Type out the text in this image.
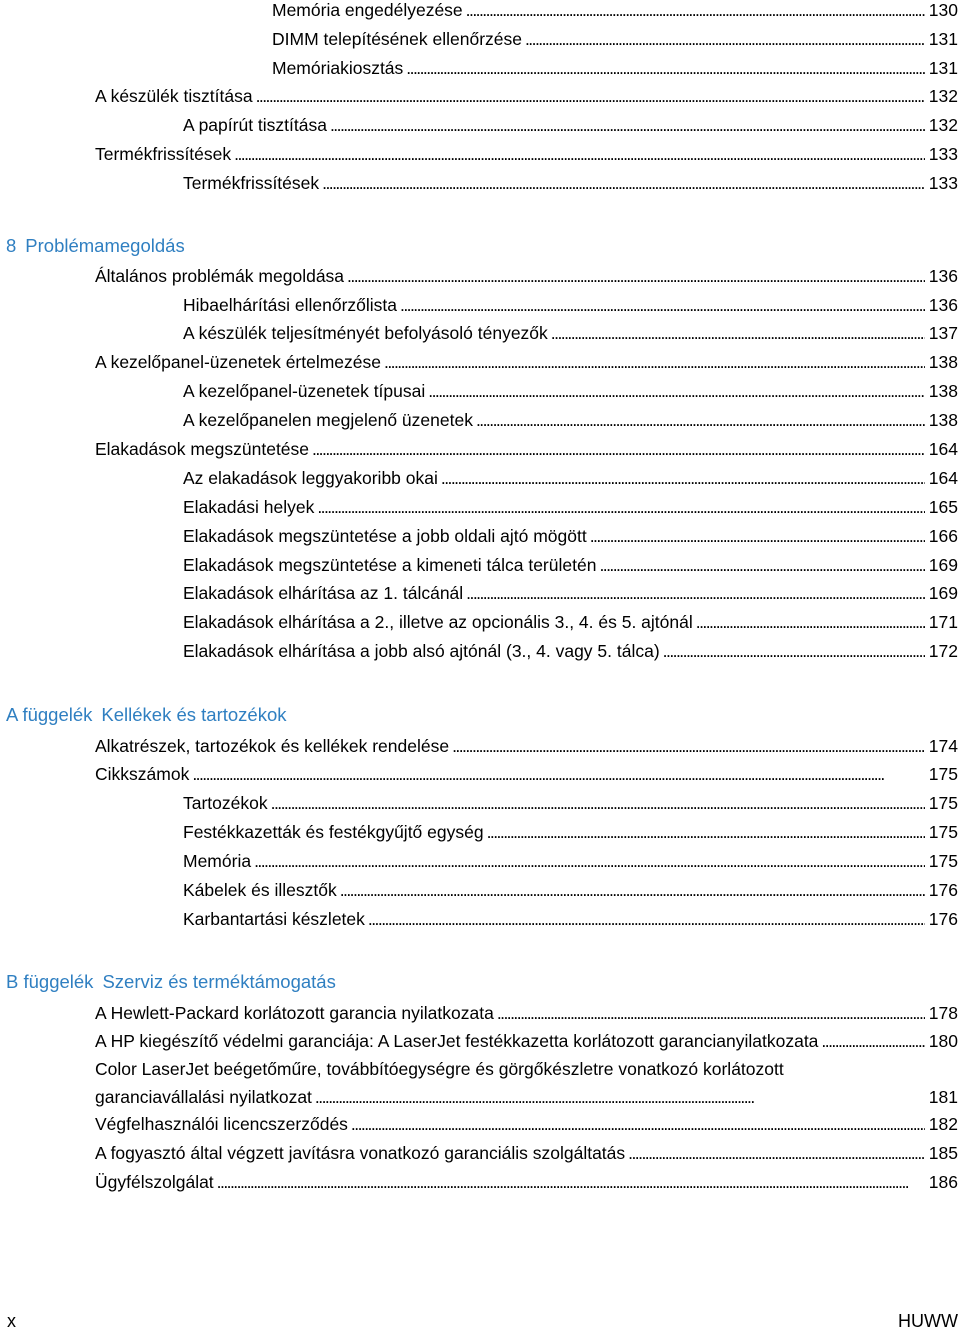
Memória engedélyezése . . .	130
DIMM telepítésének ellenőrzése . . .	131
Memóriakiosztás . . .	131
A készülék tisztítása . . .	132
A papírút tisztítása . . .	132
Termékfrissítések . . .	133
Termékfrissítések . . .	133
8 Problémamegoldás
Általános problémák megoldása . . .	136
Hibaelhárítási ellenőrzőlista . . .	136
A készülék teljesítményét befolyásoló tényezők . . .	137
A kezelőpanel-üzenetek értelmezése . . .	138
A kezelőpanel-üzenetek típusai . . .	138
A kezelőpanelen megjelenő üzenetek . . .	138
Elakadások megszüntetése . . .	164
Az elakadások leggyakoribb okai . . .	164
Elakadási helyek . . .	165
Elakadások megszüntetése a jobb oldali ajtó mögött . . .	166
Elakadások megszüntetése a kimeneti tálca területén . . .	169
Elakadások elhárítása az 1. tálcánál . . .	169
Elakadások elhárítása a 2., illetve az opcionális 3., 4. és 5. ajtónál . . .	171
Elakadások elhárítása a jobb alsó ajtónál (3., 4. vagy 5. tálca) . . .	172
A függelék Kellékek és tartozékok
Alkatrészek, tartozékok és kellékek rendelése . . .	174
Cikkszámok . . .	175
Tartozékok . . .	175
Festékkazetták és festékgyűjtő egység . . .	175
Memória . . .	175
Kábelek és illesztők . . .	176
Karbantartási készletek . . .	176
B függelék Szerviz és terméktámogatás
A Hewlett-Packard korlátozott garancia nyilatkozata . . .	178
A HP kiegészítő védelmi garanciája: A LaserJet festékkazetta korlátozott garancianyilatkozata . . .	180
Color LaserJet beégetőműre, továbbítóegységre és görgőkészletre vonatkozó korlátozott
garanciavállalási nyilatkozat . . .	181
Végfelhasználói licencszerződés . . .	182
A fogyasztó által végzett javításra vonatkozó garanciális szolgáltatás . . .	185
Ügyfélszolgálat . . .	186
x	HUWW
